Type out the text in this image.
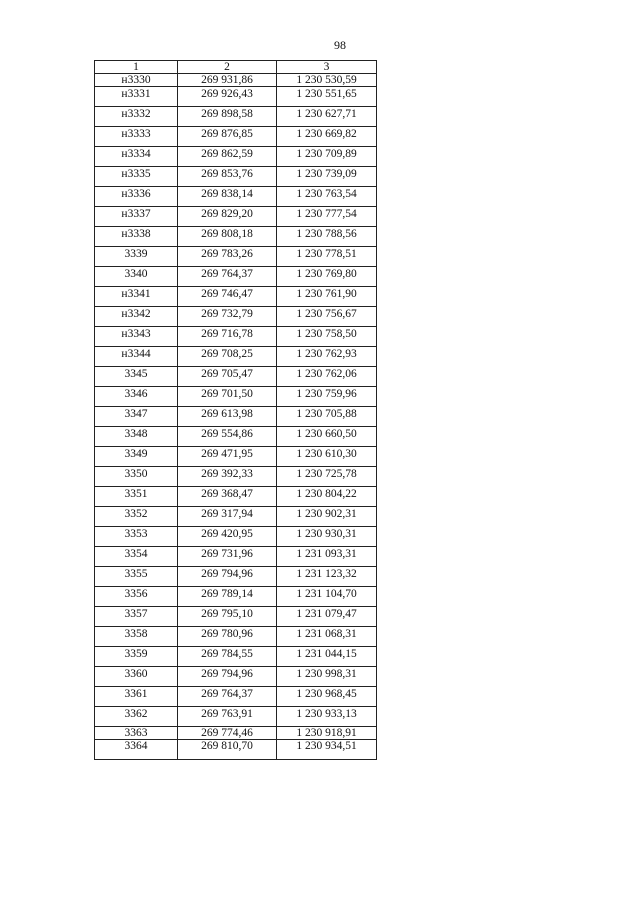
98
1	2	3
н3330	269 931,86	1 230 530,59
н3331	269 926,43	1 230 551,65
н3332	269 898,58	1 230 627,71
н3333	269 876,85	1 230 669,82
н3334	269 862,59	1 230 709,89
н3335	269 853,76	1 230 739,09
н3336	269 838,14	1 230 763,54
н3337	269 829,20	1 230 777,54
н3338	269 808,18	1 230 788,56
3339	269 783,26	1 230 778,51
3340	269 764,37	1 230 769,80
н3341	269 746,47	1 230 761,90
н3342	269 732,79	1 230 756,67
н3343	269 716,78	1 230 758,50
н3344	269 708,25	1 230 762,93
3345	269 705,47	1 230 762,06
3346	269 701,50	1 230 759,96
3347	269 613,98	1 230 705,88
3348	269 554,86	1 230 660,50
3349	269 471,95	1 230 610,30
3350	269 392,33	1 230 725,78
3351	269 368,47	1 230 804,22
3352	269 317,94	1 230 902,31
3353	269 420,95	1 230 930,31
3354	269 731,96	1 231 093,31
3355	269 794,96	1 231 123,32
3356	269 789,14	1 231 104,70
3357	269 795,10	1 231 079,47
3358	269 780,96	1 231 068,31
3359	269 784,55	1 231 044,15
3360	269 794,96	1 230 998,31
3361	269 764,37	1 230 968,45
3362	269 763,91	1 230 933,13
3363	269 774,46	1 230 918,91
3364	269 810,70	1 230 934,51
